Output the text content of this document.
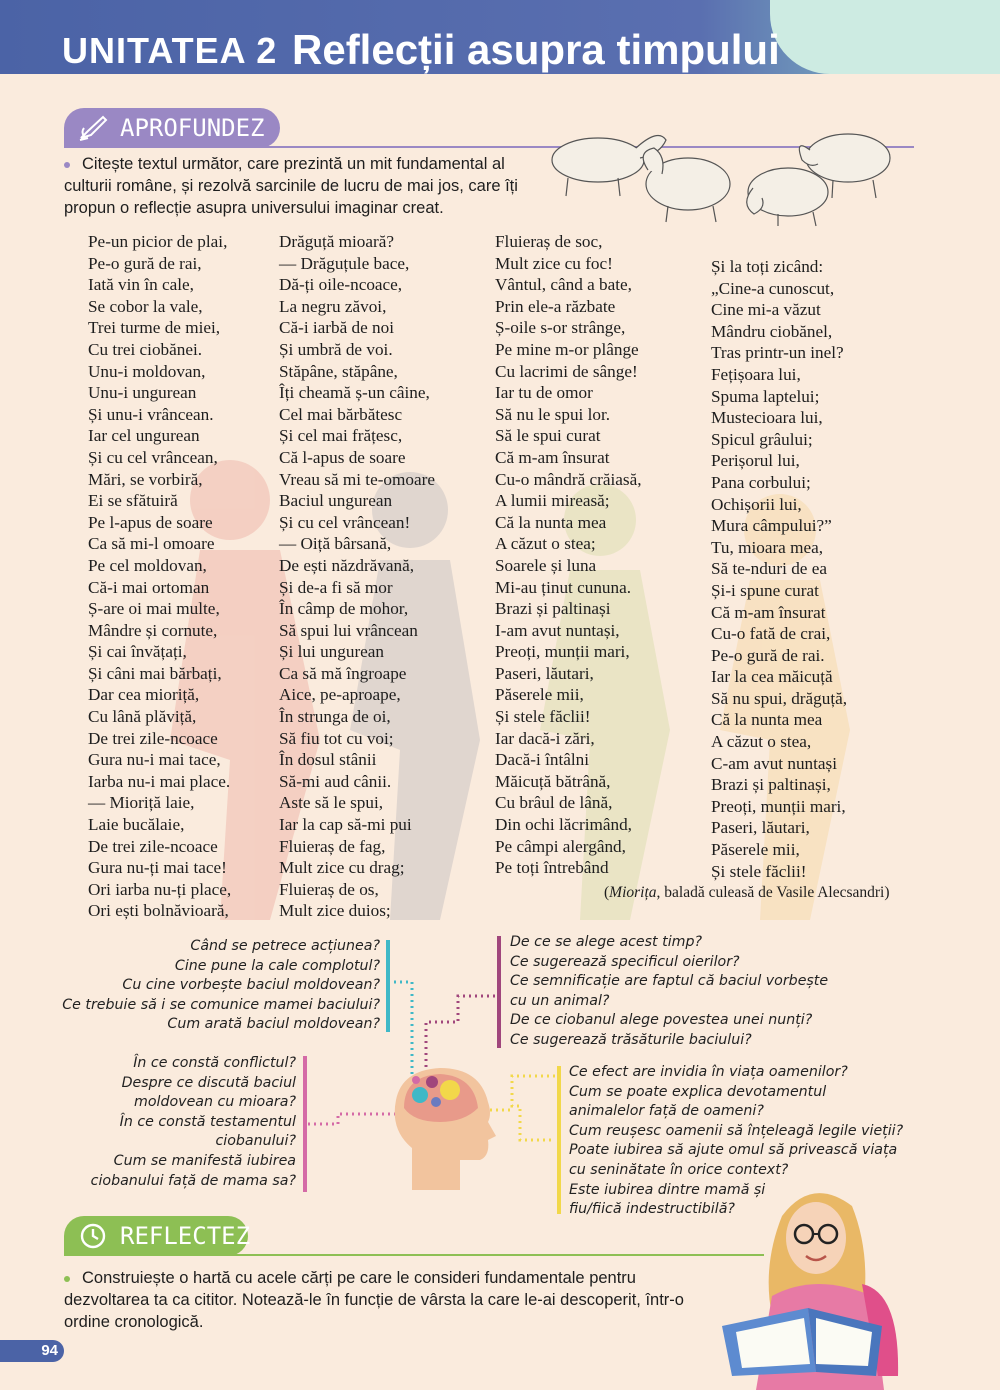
UNITATEA 2 Reflecții asupra timpului
APROFUNDEZ
Citește textul următor, care prezintă un mit fundamental al culturii române, și rezolvă sarcinile de lucru de mai jos, care îți propun o reflecție asupra universului imaginar creat.
Pe-un picior de plai,
Pe-o gură de rai,
Iată vin în cale,
Se cobor la vale,
Trei turme de miei,
Cu trei ciobănei.
Unu-i moldovan,
Unu-i ungurean
Și unu-i vrâncean.
Iar cel ungurean
Și cu cel vrâncean,
Mări, se vorbiră,
Ei se sfătuiră
Pe l-apus de soare
Ca să mi-l omoare
Pe cel moldovan,
Că-i mai ortoman
Ș-are oi mai multe,
Mândre și cornute,
Și cai învățați,
Și câni mai bărbați,
Dar cea mioriță,
Cu lână plăviță,
De trei zile-ncoace
Gura nu-i mai tace,
Iarba nu-i mai place.
— Mioriță laie,
Laie bucălaie,
De trei zile-ncoace
Gura nu-ți mai tace!
Ori iarba nu-ți place,
Ori ești bolnăvioară,
Drăguță mioară?
— Drăguțule bace,
Dă-ți oile-ncoace,
La negru zăvoi,
Că-i iarbă de noi
Și umbră de voi.
Stăpâne, stăpâne,
Îți cheamă ș-un câine,
Cel mai bărbătesc
Și cel mai frățesc,
Că l-apus de soare
Vreau să mi te-omoare
Baciul ungurean
Și cu cel vrâncean!
— Oiță bârsană,
De ești năzdrăvană,
Și de-a fi să mor
În câmp de mohor,
Să spui lui vrâncean
Și lui ungurean
Ca să mă îngroape
Aice, pe-aproape,
În strunga de oi,
Să fiu tot cu voi;
În dosul stânii
Să-mi aud cânii.
Aste să le spui,
Iar la cap să-mi pui
Fluieraș de fag,
Mult zice cu drag;
Fluieraș de os,
Mult zice duios;
Fluieraș de soc,
Mult zice cu foc!
Vântul, când a bate,
Prin ele-a răzbate
Ș-oile s-or strânge,
Pe mine m-or plânge
Cu lacrimi de sânge!
Iar tu de omor
Să nu le spui lor.
Să le spui curat
Că m-am însurat
Cu-o mândră crăiasă,
A lumii mireasă;
Că la nunta mea
A căzut o stea;
Soarele și luna
Mi-au ținut cununa.
Brazi și paltinași
I-am avut nuntași,
Preoți, munții mari,
Paseri, lăutari,
Păserele mii,
Și stele făclii!
Iar dacă-i zări,
Dacă-i întâlni
Măicuță bătrână,
Cu brâul de lână,
Din ochi lăcrimând,
Pe câmpi alergând,
Pe toți întrebând
Și la toți zicând:
„Cine-a cunoscut,
Cine mi-a văzut
Mândru ciobănel,
Tras printr-un inel?
Fețișoara lui,
Spuma laptelui;
Mustecioara lui,
Spicul grâului;
Perișorul lui,
Pana corbului;
Ochișorii lui,
Mura câmpului?”
Tu, mioara mea,
Să te-nduri de ea
Și-i spune curat
Că m-am însurat
Cu-o fată de crai,
Pe-o gură de rai.
Iar la cea măicuță
Să nu spui, drăguță,
Că la nunta mea
A căzut o stea,
C-am avut nuntași
Brazi și paltinași,
Preoți, munții mari,
Paseri, lăutari,
Păserele mii,
Și stele făclii!
(Miorița, baladă culeasă de Vasile Alecsandri)
Când se petrece acțiunea?
Cine pune la cale complotul?
Cu cine vorbește baciul moldovean?
Ce trebuie să i se comunice mamei baciului?
Cum arată baciul moldovean?
În ce constă conflictul?
Despre ce discută baciul
moldovean cu mioara?
În ce constă testamentul
ciobanului?
Cum se manifestă iubirea
ciobanului față de mama sa?
De ce se alege acest timp?
Ce sugerează specificul oierilor?
Ce semnificație are faptul că baciul vorbește
cu un animal?
De ce ciobanul alege povestea unei nunți?
Ce sugerează trăsăturile baciului?
Ce efect are invidia în viața oamenilor?
Cum se poate explica devotamentul
animalelor față de oameni?
Cum reușesc oamenii să înțeleagă legile vieții?
Poate iubirea să ajute omul să privească viața
cu seninătate în orice context?
Este iubirea dintre mamă și
fiu/fiică indestructibilă?
REFLECTEZ
Construiește o hartă cu acele cărți pe care le consideri fundamentale pentru dezvoltarea ta ca cititor. Notează-le în funcție de vârsta la care le-ai descoperit, într-o ordine cronologică.
94
